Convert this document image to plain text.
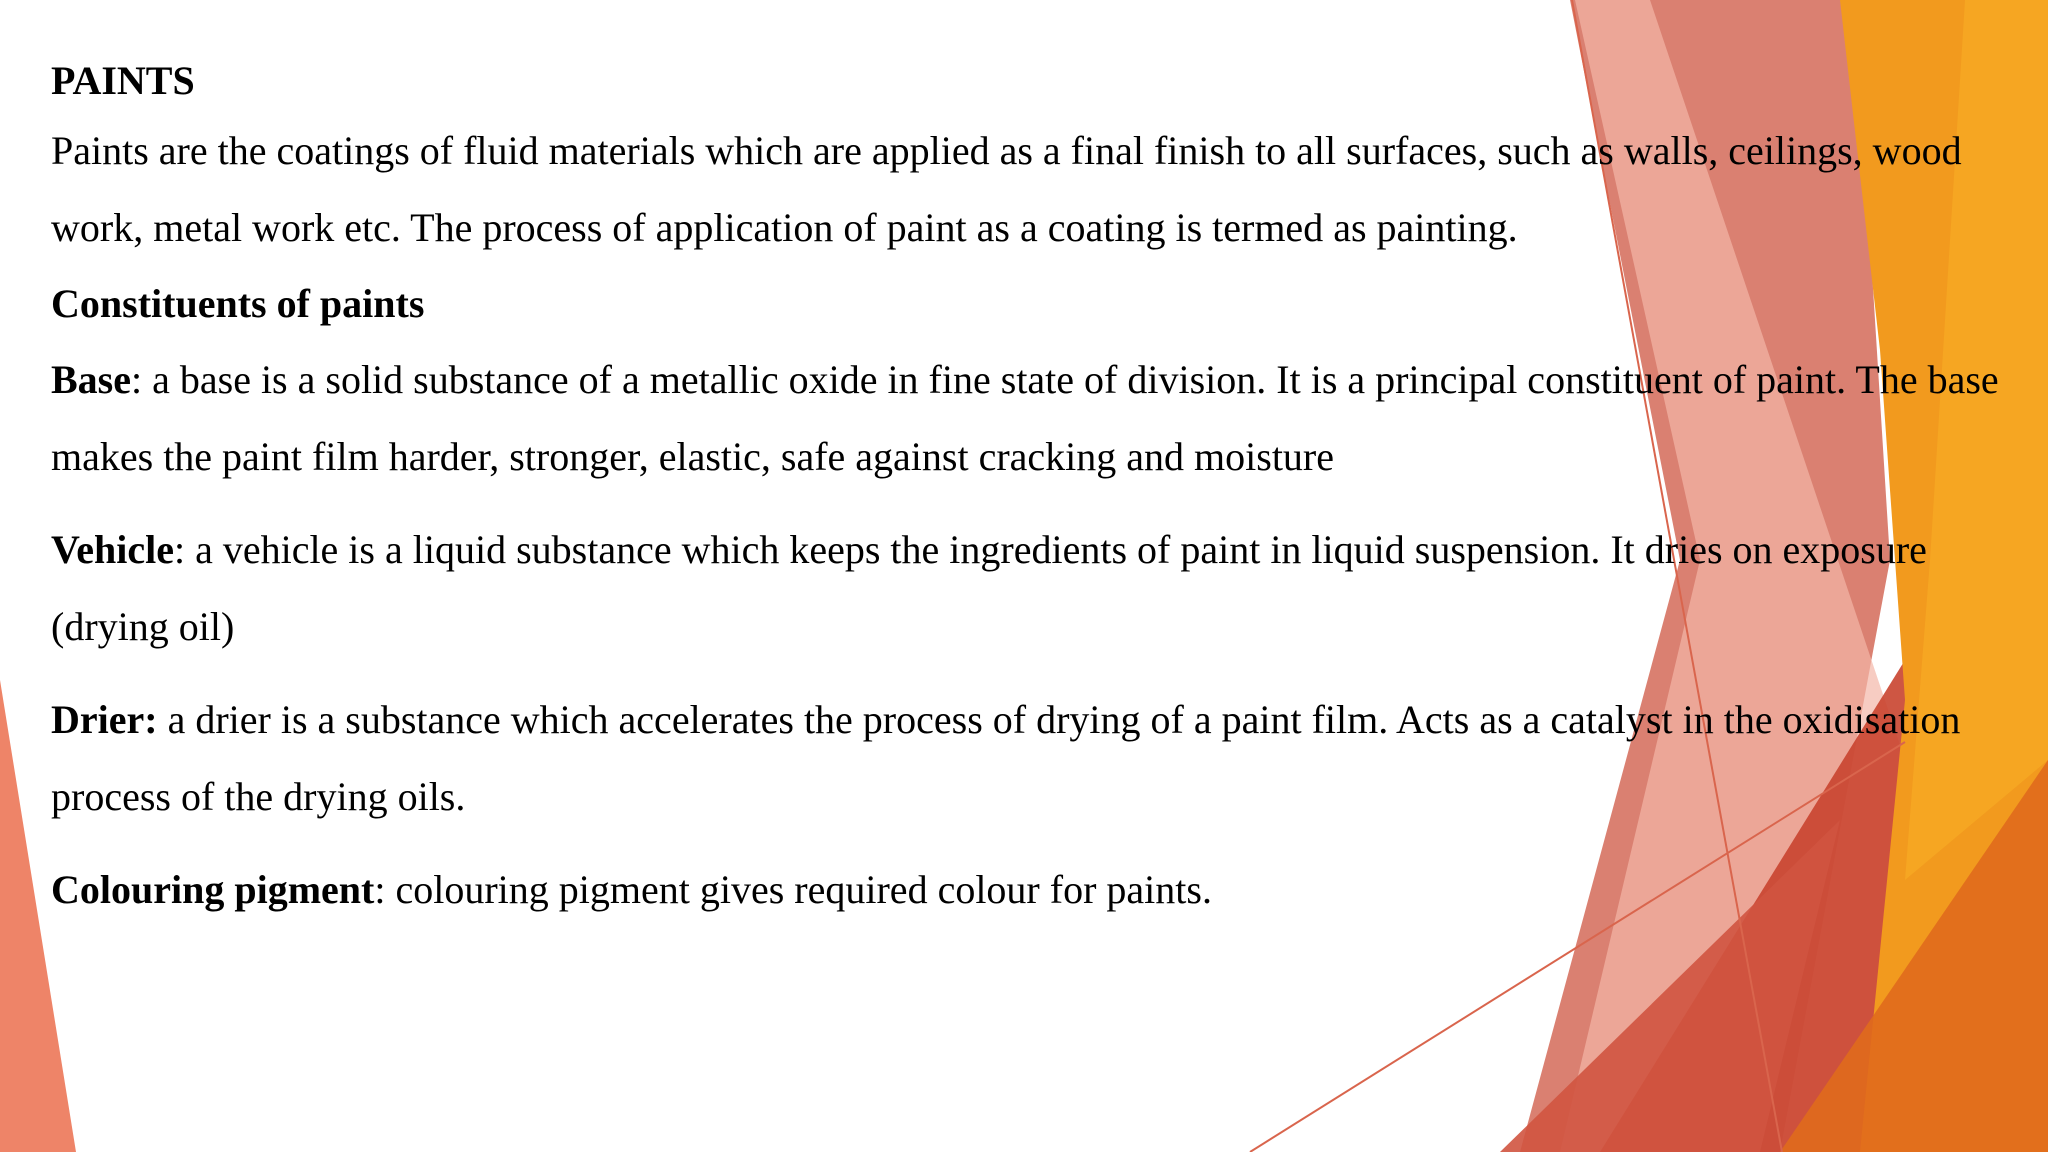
PAINTS

Paints are the coatings of fluid materials which are applied as a final finish to all surfaces, such as walls, ceilings, wood work, metal work etc. The process of application of paint as a coating is termed as painting.

Constituents of paints

Base: a base is a solid substance of a metallic oxide in fine state of division. It is a principal constituent of paint. The base makes the paint film harder, stronger, elastic, safe against cracking and moisture

Vehicle: a vehicle is a liquid substance which keeps the ingredients of paint in liquid suspension. It dries on exposure (drying oil)

Drier: a drier is a substance which accelerates the process of drying of a paint film. Acts as a catalyst in the oxidisation process of the drying oils.

Colouring pigment: colouring pigment gives required colour for paints.
